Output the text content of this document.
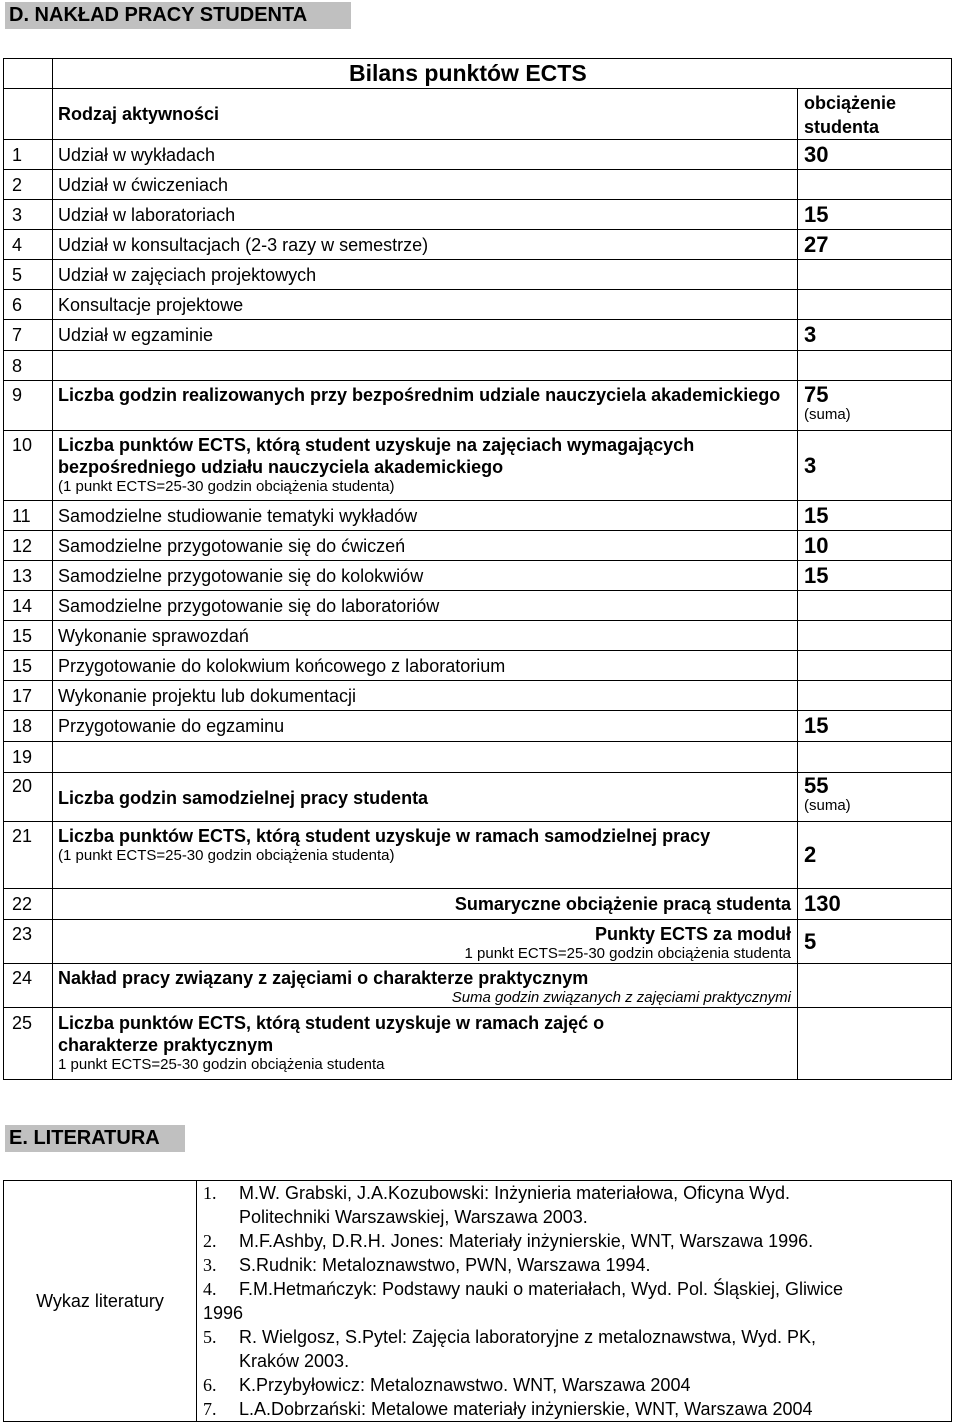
D. NAKŁAD PRACY STUDENTA
	Bilans punktów ECTS	
	Rodzaj aktywności	obciążenie
studenta

1	Udział w wykładach	30
2	Udział w ćwiczeniach	
3	Udział w laboratoriach	15
4	Udział w konsultacjach (2-3 razy w semestrze)	27
5	Udział w zajęciach projektowych	
6	Konsultacje projektowe	
7	Udział w egzaminie	3
8		
9	Liczba godzin realizowanych przy bezpośrednim udziale nauczyciela akademickiego	75
(suma)

10	Liczba punktów ECTS, którą student uzyskuje na zajęciach wymagających bezpośredniego udziału nauczyciela akademickiego
(1 punkt ECTS=25-30 godzin obciążenia studenta)	3
11	Samodzielne studiowanie tematyki wykładów	15
12	Samodzielne przygotowanie się do ćwiczeń	10
13	Samodzielne przygotowanie się do kolokwiów	15
14	Samodzielne przygotowanie się do laboratoriów	
15	Wykonanie sprawozdań	
15	Przygotowanie do kolokwium końcowego z laboratorium	
17	Wykonanie projektu lub dokumentacji	
18	Przygotowanie do egzaminu	15
19		
20	Liczba godzin samodzielnej pracy studenta	55
(suma)

21	Liczba punktów ECTS, którą student uzyskuje w ramach samodzielnej pracy
(1 punkt ECTS=25-30 godzin obciążenia studenta)	2
22	Sumaryczne obciążenie pracą studenta	130
23	Punkty ECTS za moduł
1 punkt ECTS=25-30 godzin obciążenia studenta	5
24	Nakład pracy związany z zajęciami o charakterze praktycznym
Suma godzin związanych z zajęciami praktycznymi	

25	Liczba punktów ECTS, którą student uzyskuje w ramach zajęć o
charakterze praktycznym
1 punkt ECTS=25-30 godzin obciążenia studenta	

E. LITERATURA
Wykaz literatury	
1.	M.W. Grabski, J.A.Kozubowski: Inżynieria materiałowa, Oficyna Wyd.
Politechniki Warszawskiej, Warszawa 2003.
2.	M.F.Ashby, D.R.H. Jones: Materiały inżynierskie, WNT, Warszawa 1996.
3.	S.Rudnik: Metaloznawstwo, PWN, Warszawa 1994.
4. F.M.Hetmańczyk: Podstawy nauki o materiałach, Wyd. Pol. Śląskiej, Gliwice
1996
5.	R. Wielgosz, S.Pytel: Zajęcia laboratoryjne z metaloznawstwa, Wyd. PK,
Kraków 2003.
6.	K.Przybyłowicz: Metaloznawstwo. WNT, Warszawa 2004
7.	L.A.Dobrzański: Metalowe materiały inżynierskie, WNT, Warszawa 2004
